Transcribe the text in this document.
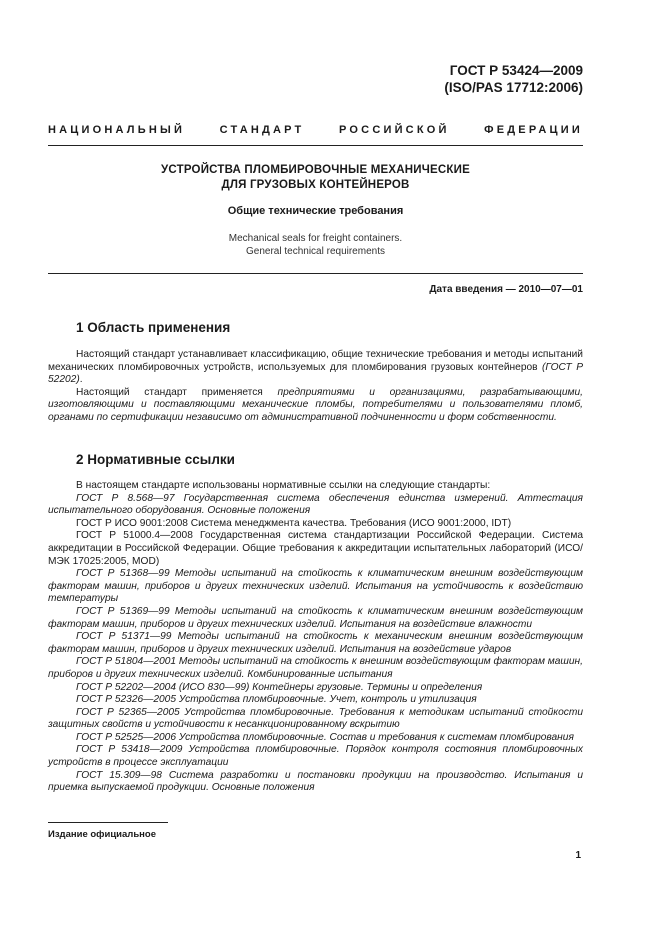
ГОСТ Р 53424—2009
(ISO/PAS 17712:2006)
НАЦИОНАЛЬНЫЙ СТАНДАРТ РОССИЙСКОЙ ФЕДЕРАЦИИ
УСТРОЙСТВА ПЛОМБИРОВОЧНЫЕ МЕХАНИЧЕСКИЕ
ДЛЯ ГРУЗОВЫХ КОНТЕЙНЕРОВ
Общие технические требования
Mechanical seals for freight containers.
General technical requirements
Дата введения — 2010—07—01
1 Область применения

Настоящий стандарт устанавливает классификацию, общие технические требования и методы испытаний механических пломбировочных устройств, используемых для пломбирования грузовых контейнеров (ГОСТ Р 52202).

Настоящий стандарт применяется предприятиями и организациями, разрабатывающими, изготовляющими и поставляющими механические пломбы, потребителями и пользователями пломб, органами по сертификации независимо от административной подчиненности и форм собственности.

2 Нормативные ссылки

В настоящем стандарте использованы нормативные ссылки на следующие стандарты:

ГОСТ Р 8.568—97 Государственная система обеспечения единства измерений. Аттестация испытательного оборудования. Основные положения

ГОСТ Р ИСО 9001:2008 Система менеджмента качества. Требования (ИСО 9001:2000, IDT)

ГОСТ Р 51000.4—2008 Государственная система стандартизации Российской Федерации. Система аккредитации в Российской Федерации. Общие требования к аккредитации испытательных лабораторий (ИСО/МЭК 17025:2005, MOD)

ГОСТ Р 51368—99 Методы испытаний на стойкость к климатическим внешним воздействующим факторам машин, приборов и других технических изделий. Испытания на устойчивость к воздействию температуры

ГОСТ Р 51369—99 Методы испытаний на стойкость к климатическим внешним воздействующим факторам машин, приборов и других технических изделий. Испытания на воздействие влажности

ГОСТ Р 51371—99 Методы испытаний на стойкость к механическим внешним воздействующим факторам машин, приборов и других технических изделий. Испытания на воздействие ударов

ГОСТ Р 51804—2001 Методы испытаний на стойкость к внешним воздействующим факторам машин, приборов и других технических изделий. Комбинированные испытания

ГОСТ Р 52202—2004 (ИСО 830—99) Контейнеры грузовые. Термины и определения

ГОСТ Р 52326—2005 Устройства пломбировочные. Учет, контроль и утилизация

ГОСТ Р 52365—2005 Устройства пломбировочные. Требования к методикам испытаний стойкости защитных свойств и устойчивости к несанкционированному вскрытию

ГОСТ Р 52525—2006 Устройства пломбировочные. Состав и требования к системам пломбирования

ГОСТ Р 53418—2009 Устройства пломбировочные. Порядок контроля состояния пломбировочных устройств в процессе эксплуатации

ГОСТ 15.309—98 Система разработки и постановки продукции на производство. Испытания и приемка выпускаемой продукции. Основные положения

Издание официальное
1
